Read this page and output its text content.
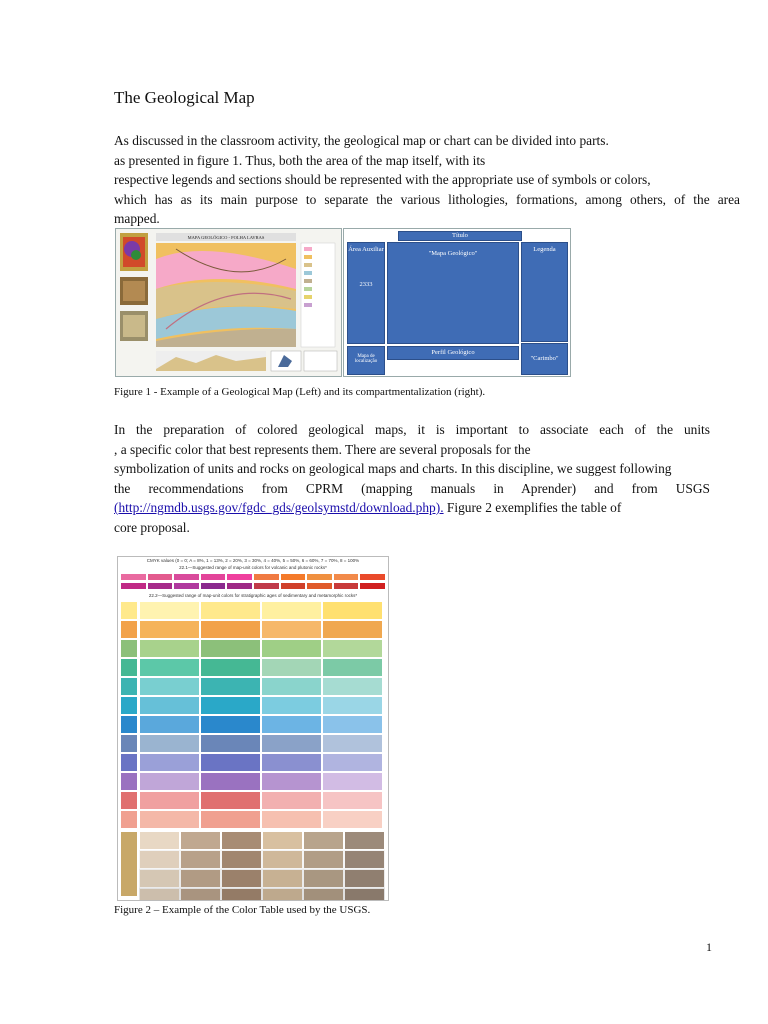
The Geological Map
As discussed in the classroom activity, the geological map or chart can be divided into parts.
as presented in figure 1. Thus, both the area of the map itself, with its
respective legends and sections should be represented with the appropriate use of symbols or colors,
which has as its main purpose to separate the various lithologies, formations, among others, of the area
mapped.
MAPA GEOLÓGICO - FOLHA LAVRAS	Título
Área Auxiliar
2333
"Mapa Geológico"
Legenda
Mapa de localização
Perfil Geológico
"Carimbo"
Figure 1 - Example of a Geological Map (Left) and its compartmentalization (right).
In the preparation of colored geological maps, it is important to associate each of the units
, a specific color that best represents them. There are several proposals for the
symbolization of units and rocks on geological maps and charts. In this discipline, we suggest following
the recommendations from CPRM (mapping manuals in Aprender) and from USGS
(http://ngmdb.usgs.gov/fgdc_gds/geolsymstd/download.php). Figure 2 exemplifies the table of
core proposal.
CMYK values (0 = 0; A = 8%, 1 = 13%, 2 = 20%, 3 = 30%, 4 = 40%, 5 = 50%, 6 = 60%, 7 = 70%, 8 = 100%
22.1—Suggested range of map-unit colors for volcanic and plutonic rocks*
22.2—Suggested range of map-unit colors for stratigraphic ages of sedimentary and metamorphic rocks*
Figure 2 – Example of the Color Table used by the USGS.
1
